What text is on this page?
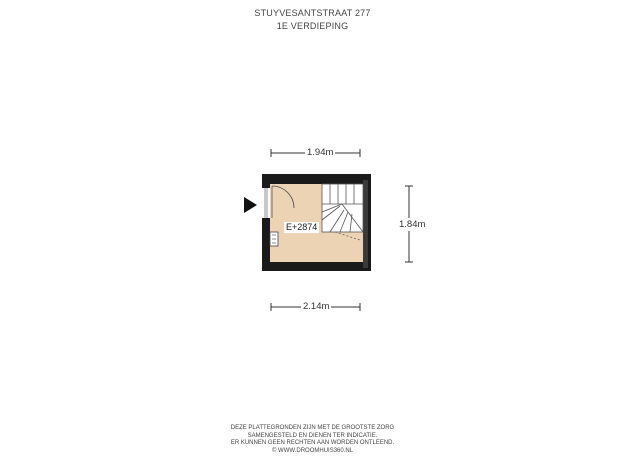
STUYVESANTSTRAAT 277
1E VERDIEPING
1.94m
1.84m
2.14m
E+2874
DEZE PLATTEGRONDEN ZIJN MET DE GROOTSTE ZORG
SAMENGESTELD EN DIENEN TER INDICATIE.
ER KUNNEN GEEN RECHTEN AAN WORDEN ONTLEEND.
© WWW.DROOMHUIS360.NL
